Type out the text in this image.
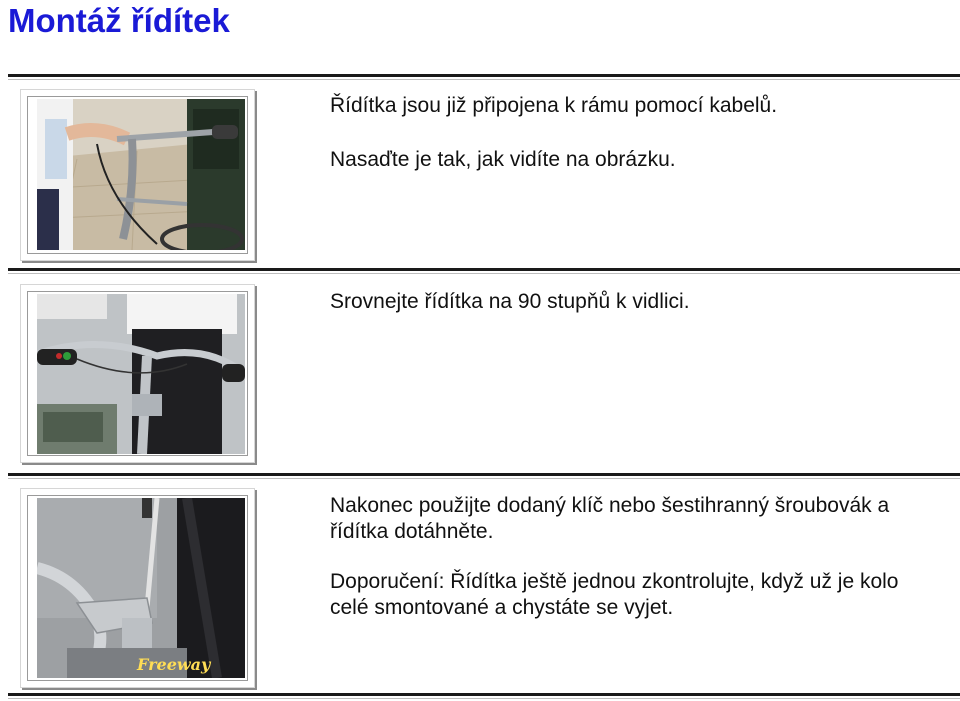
Montáž řídítek

Řídítka jsou již připojena k rámu pomocí kabelů.

Nasaďte je tak, jak vidíte na obrázku.

Srovnejte řídítka na 90 stupňů k vidlici.

Freeway

Nakonec použijte dodaný klíč nebo šestihranný šroubovák a řídítka dotáhněte.

Doporučení: Řídítka ještě jednou zkontrolujte, když už je kolo celé smontované a chystáte se vyjet.
